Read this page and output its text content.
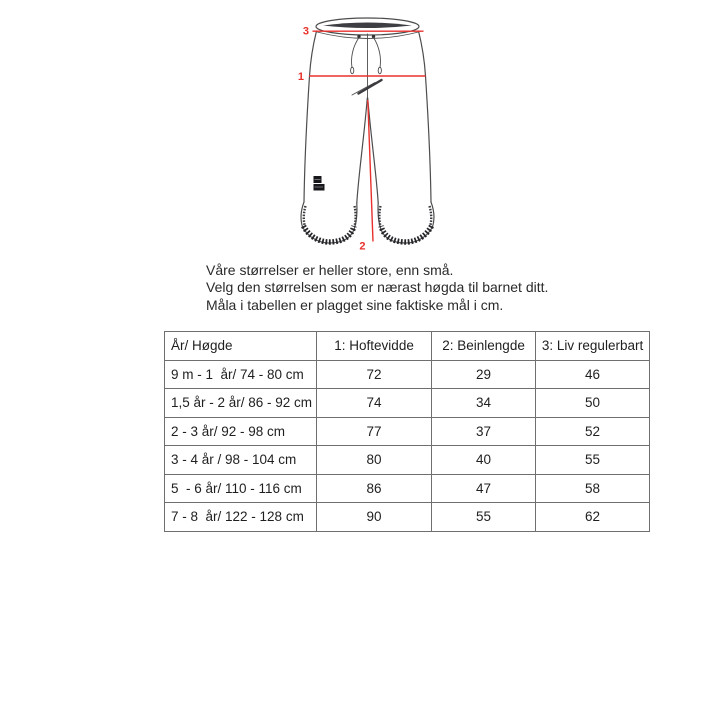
3
1
2

Våre størrelser er heller store, enn små.

Velg den størrelsen som er nærast høgda til barnet ditt.

Måla i tabellen er plagget sine faktiske mål i cm.

År/ Høgde	1: Hoftevidde	2: Beinlengde	3: Liv regulerbart
9 m - 1  år/ 74 - 80 cm	72	29	46
1,5 år - 2 år/ 86 - 92 cm	74	34	50
2 - 3 år/ 92 - 98 cm	77	37	52
3 - 4 år / 98 - 104 cm	80	40	55
5  - 6 år/ 110 - 116 cm	86	47	58
7 - 8  år/ 122 - 128 cm	90	55	62
